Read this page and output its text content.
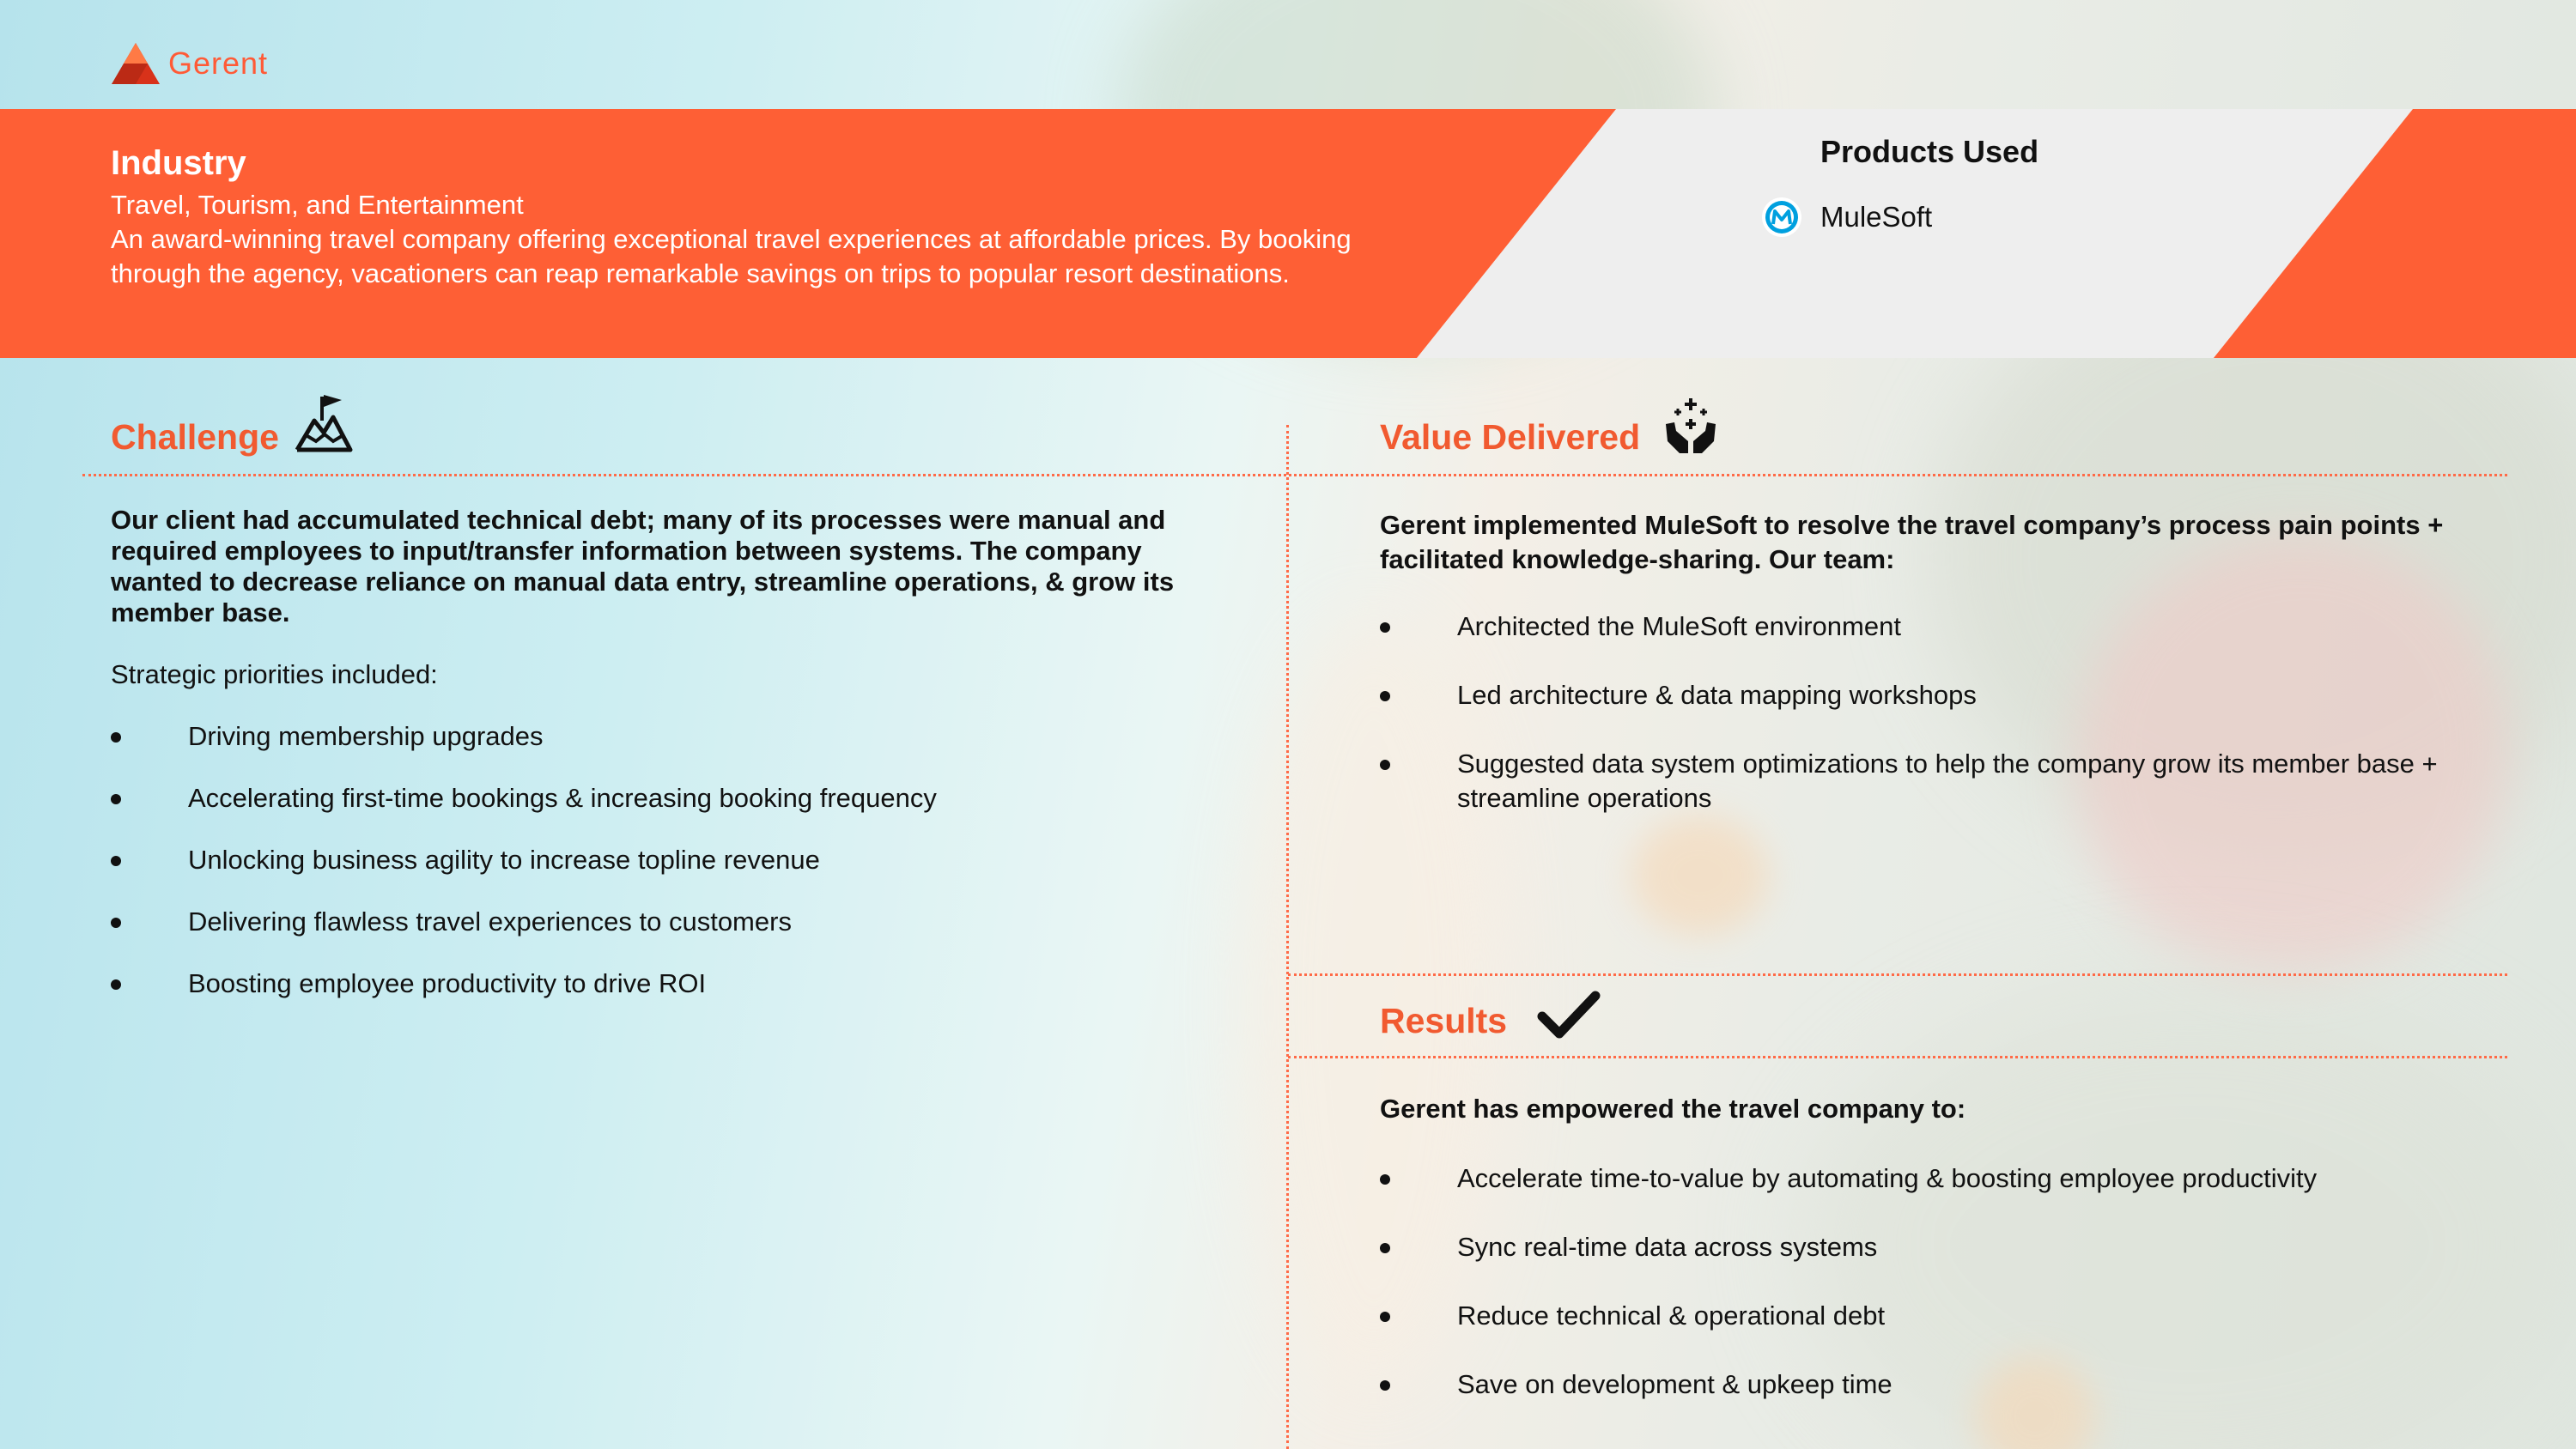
Gerent
Industry
Travel, Tourism, and Entertainment
An award-winning travel company offering exceptional travel experiences at affordable prices. By booking through the agency, vacationers can reap remarkable savings on trips to popular resort destinations.
Products Used
MuleSoft
Challenge
Our client had accumulated technical debt; many of its processes were manual and required employees to input/transfer information between systems. The company wanted to decrease reliance on manual data entry, streamline operations, & grow its member base.
Strategic priorities included:
Driving membership upgrades
Accelerating first-time bookings & increasing booking frequency
Unlocking business agility to increase topline revenue
Delivering flawless travel experiences to customers
Boosting employee productivity to drive ROI
Value Delivered
Gerent implemented MuleSoft to resolve the travel company’s process pain points + facilitated knowledge-sharing. Our team:
Architected the MuleSoft environment
Led architecture & data mapping workshops
Suggested data system optimizations to help the company grow its member base + streamline operations
Results
Gerent has empowered the travel company to:
Accelerate time-to-value by automating & boosting employee productivity
Sync real-time data across systems
Reduce technical & operational debt
Save on development & upkeep time
